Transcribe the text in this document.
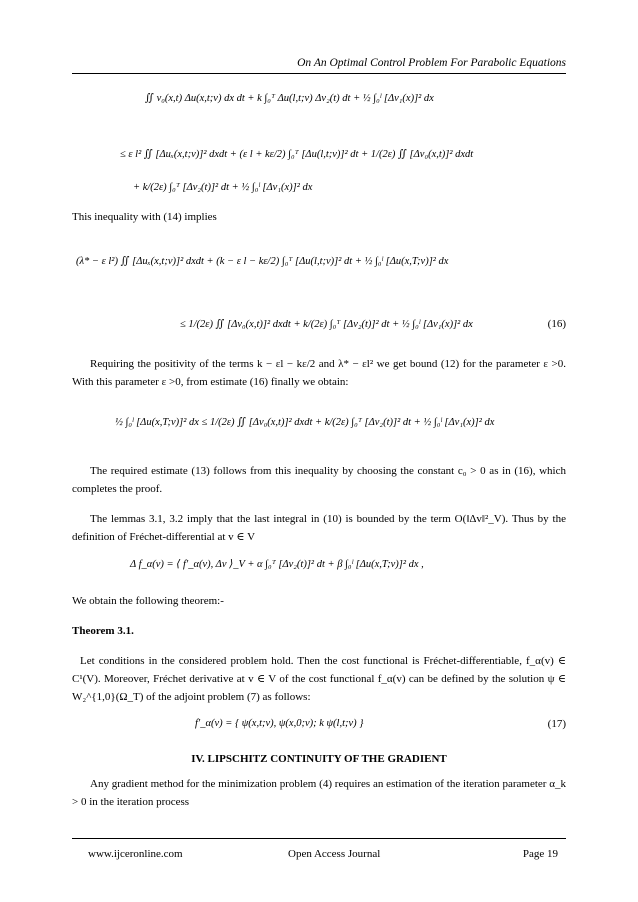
On An Optimal Control Problem For Parabolic Equations
∬ v₀(x,t) Δu(x,t;v) dx dt + k ∫₀ᵀ Δu(l,t;v) Δv₂(t) dt + ½ ∫₀ˡ [Δv₁(x)]² dx
≤ ε l² ∬ [Δuₓ(x,t;v)]² dxdt + (ε l + kε/2) ∫₀ᵀ [Δu(l,t;v)]² dt + 1/(2ε) ∬ [Δv₀(x,t)]² dxdt
+ k/(2ε) ∫₀ᵀ [Δv₂(t)]² dt + ½ ∫₀ˡ [Δv₁(x)]² dx

This inequality with (14) implies

(λ* − ε l²) ∬ [Δuₓ(x,t;v)]² dxdt + (k − ε l − kε/2) ∫₀ᵀ [Δu(l,t;v)]² dt + ½ ∫₀ˡ [Δu(x,T;v)]² dx
≤ 1/(2ε) ∬ [Δv₀(x,t)]² dxdt + k/(2ε) ∫₀ᵀ [Δv₂(t)]² dt + ½ ∫₀ˡ [Δv₁(x)]² dx	(16)

Requiring the positivity of the terms k − εl − kε/2 and λ* − εl² we get bound (12) for the parameter ε >0. With this parameter ε >0, from estimate (16) finally we obtain:

½ ∫₀ˡ [Δu(x,T;v)]² dx ≤ 1/(2ε) ∬ [Δv₀(x,t)]² dxdt + k/(2ε) ∫₀ᵀ [Δv₂(t)]² dt + ½ ∫₀ˡ [Δv₁(x)]² dx

The required estimate (13) follows from this inequality by choosing the constant c₀ > 0 as in (16), which completes the proof.

The lemmas 3.1, 3.2 imply that the last integral in (10) is bounded by the term O(‖Δv‖²_V). Thus by the definition of Fréchet-differential at v ∈ V

Δ f_α(v) = ⟨ f′_α(v), Δv ⟩_V + α ∫₀ᵀ [Δv₂(t)]² dt + β ∫₀ˡ [Δu(x,T;v)]² dx ,

We obtain the following theorem:-

Theorem 3.1.

Let conditions in the considered problem hold. Then the cost functional is Fréchet-differentiable, f_α(v) ∈ C¹(V). Moreover, Fréchet derivative at v ∈ V of the cost functional f_α(v) can be defined by the solution ψ ∈ W₂^{1,0}(Ω_T) of the adjoint problem (7) as follows:

f′_α(v) = { ψ(x,t;v), ψ(x,0;v); k ψ(l,t;v) }	(17)

IV. LIPSCHITZ CONTINUITY OF THE GRADIENT

Any gradient method for the minimization problem (4) requires an estimation of the iteration parameter α_k > 0 in the iteration process

www.ijceronline.com	Open Access Journal	Page 19
